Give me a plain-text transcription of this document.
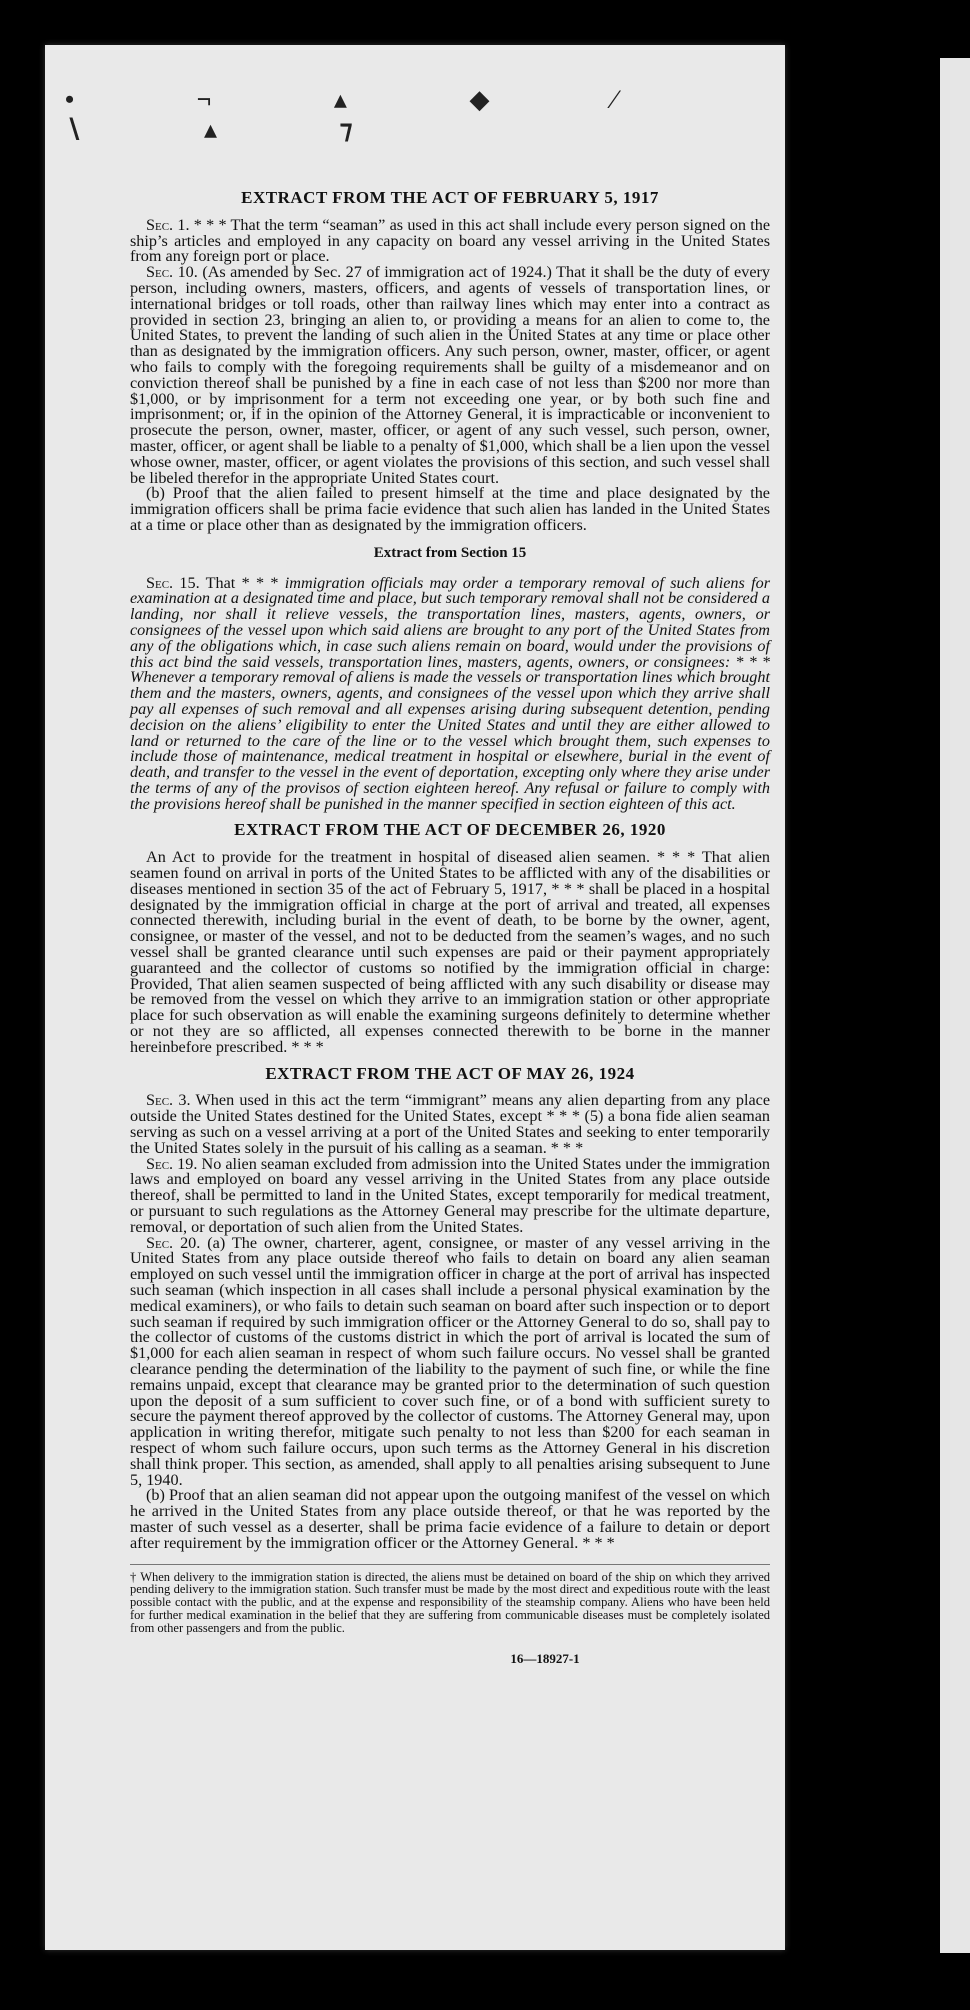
• ¬ ▴ ◆ ⁄ ∖ ▴ ⁊
EXTRACT FROM THE ACT OF FEBRUARY 5, 1917

Sec. 1. * * * That the term “seaman” as used in this act shall include every person signed on the ship’s articles and employed in any capacity on board any vessel arriving in the United States from any foreign port or place.

Sec. 10. (As amended by Sec. 27 of immigration act of 1924.) That it shall be the duty of every person, including owners, masters, officers, and agents of vessels of transportation lines, or international bridges or toll roads, other than railway lines which may enter into a contract as provided in section 23, bringing an alien to, or providing a means for an alien to come to, the United States, to prevent the landing of such alien in the United States at any time or place other than as designated by the immigration officers. Any such person, owner, master, officer, or agent who fails to comply with the foregoing requirements shall be guilty of a misdemeanor and on conviction thereof shall be punished by a fine in each case of not less than $200 nor more than $1,000, or by imprisonment for a term not exceeding one year, or by both such fine and imprisonment; or, if in the opinion of the Attorney General, it is impracticable or inconvenient to prosecute the person, owner, master, officer, or agent of any such vessel, such person, owner, master, officer, or agent shall be liable to a penalty of $1,000, which shall be a lien upon the vessel whose owner, master, officer, or agent violates the provisions of this section, and such vessel shall be libeled therefor in the appropriate United States court.

(b) Proof that the alien failed to present himself at the time and place designated by the immigration officers shall be prima facie evidence that such alien has landed in the United States at a time or place other than as designated by the immigration officers.

Extract from Section 15

Sec. 15. That * * * immigration officials may order a temporary removal of such aliens for examination at a designated time and place, but such temporary removal shall not be considered a landing, nor shall it relieve vessels, the transportation lines, masters, agents, owners, or consignees of the vessel upon which said aliens are brought to any port of the United States from any of the obligations which, in case such aliens remain on board, would under the provisions of this act bind the said vessels, transportation lines, masters, agents, owners, or consignees: * * * Whenever a temporary removal of aliens is made the vessels or transportation lines which brought them and the masters, owners, agents, and consignees of the vessel upon which they arrive shall pay all expenses of such removal and all expenses arising during subsequent detention, pending decision on the aliens’ eligibility to enter the United States and until they are either allowed to land or returned to the care of the line or to the vessel which brought them, such expenses to include those of maintenance, medical treatment in hospital or elsewhere, burial in the event of death, and transfer to the vessel in the event of deportation, excepting only where they arise under the terms of any of the provisos of section eighteen hereof. Any refusal or failure to comply with the provisions hereof shall be punished in the manner specified in section eighteen of this act.

EXTRACT FROM THE ACT OF DECEMBER 26, 1920

An Act to provide for the treatment in hospital of diseased alien seamen. * * * That alien seamen found on arrival in ports of the United States to be afflicted with any of the disabilities or diseases mentioned in section 35 of the act of February 5, 1917, * * * shall be placed in a hospital designated by the immigration official in charge at the port of arrival and treated, all expenses connected therewith, including burial in the event of death, to be borne by the owner, agent, consignee, or master of the vessel, and not to be deducted from the seamen’s wages, and no such vessel shall be granted clearance until such expenses are paid or their payment appropriately guaranteed and the collector of customs so notified by the immigration official in charge: Provided, That alien seamen suspected of being afflicted with any such disability or disease may be removed from the vessel on which they arrive to an immigration station or other appropriate place for such observation as will enable the examining surgeons definitely to determine whether or not they are so afflicted, all expenses connected therewith to be borne in the manner hereinbefore prescribed. * * *

EXTRACT FROM THE ACT OF MAY 26, 1924

Sec. 3. When used in this act the term “immigrant” means any alien departing from any place outside the United States destined for the United States, except * * * (5) a bona fide alien seaman serving as such on a vessel arriving at a port of the United States and seeking to enter temporarily the United States solely in the pursuit of his calling as a seaman. * * *

Sec. 19. No alien seaman excluded from admission into the United States under the immigration laws and employed on board any vessel arriving in the United States from any place outside thereof, shall be permitted to land in the United States, except temporarily for medical treatment, or pursuant to such regulations as the Attorney General may prescribe for the ultimate departure, removal, or deportation of such alien from the United States.

Sec. 20. (a) The owner, charterer, agent, consignee, or master of any vessel arriving in the United States from any place outside thereof who fails to detain on board any alien seaman employed on such vessel until the immigration officer in charge at the port of arrival has inspected such seaman (which inspection in all cases shall include a personal physical examination by the medical examiners), or who fails to detain such seaman on board after such inspection or to deport such seaman if required by such immigration officer or the Attorney General to do so, shall pay to the collector of customs of the customs district in which the port of arrival is located the sum of $1,000 for each alien seaman in respect of whom such failure occurs. No vessel shall be granted clearance pending the determination of the liability to the payment of such fine, or while the fine remains unpaid, except that clearance may be granted prior to the determination of such question upon the deposit of a sum sufficient to cover such fine, or of a bond with sufficient surety to secure the payment thereof approved by the collector of customs. The Attorney General may, upon application in writing therefor, mitigate such penalty to not less than $200 for each seaman in respect of whom such failure occurs, upon such terms as the Attorney General in his discretion shall think proper. This section, as amended, shall apply to all penalties arising subsequent to June 5, 1940.

(b) Proof that an alien seaman did not appear upon the outgoing manifest of the vessel on which he arrived in the United States from any place outside thereof, or that he was reported by the master of such vessel as a deserter, shall be prima facie evidence of a failure to detain or deport after requirement by the immigration officer or the Attorney General. * * *

† When delivery to the immigration station is directed, the aliens must be detained on board of the ship on which they arrived pending delivery to the immigration station. Such transfer must be made by the most direct and expeditious route with the least possible contact with the public, and at the expense and responsibility of the steamship company. Aliens who have been held for further medical examination in the belief that they are suffering from communicable diseases must be completely isolated from other passengers and from the public.
16—18927-1
